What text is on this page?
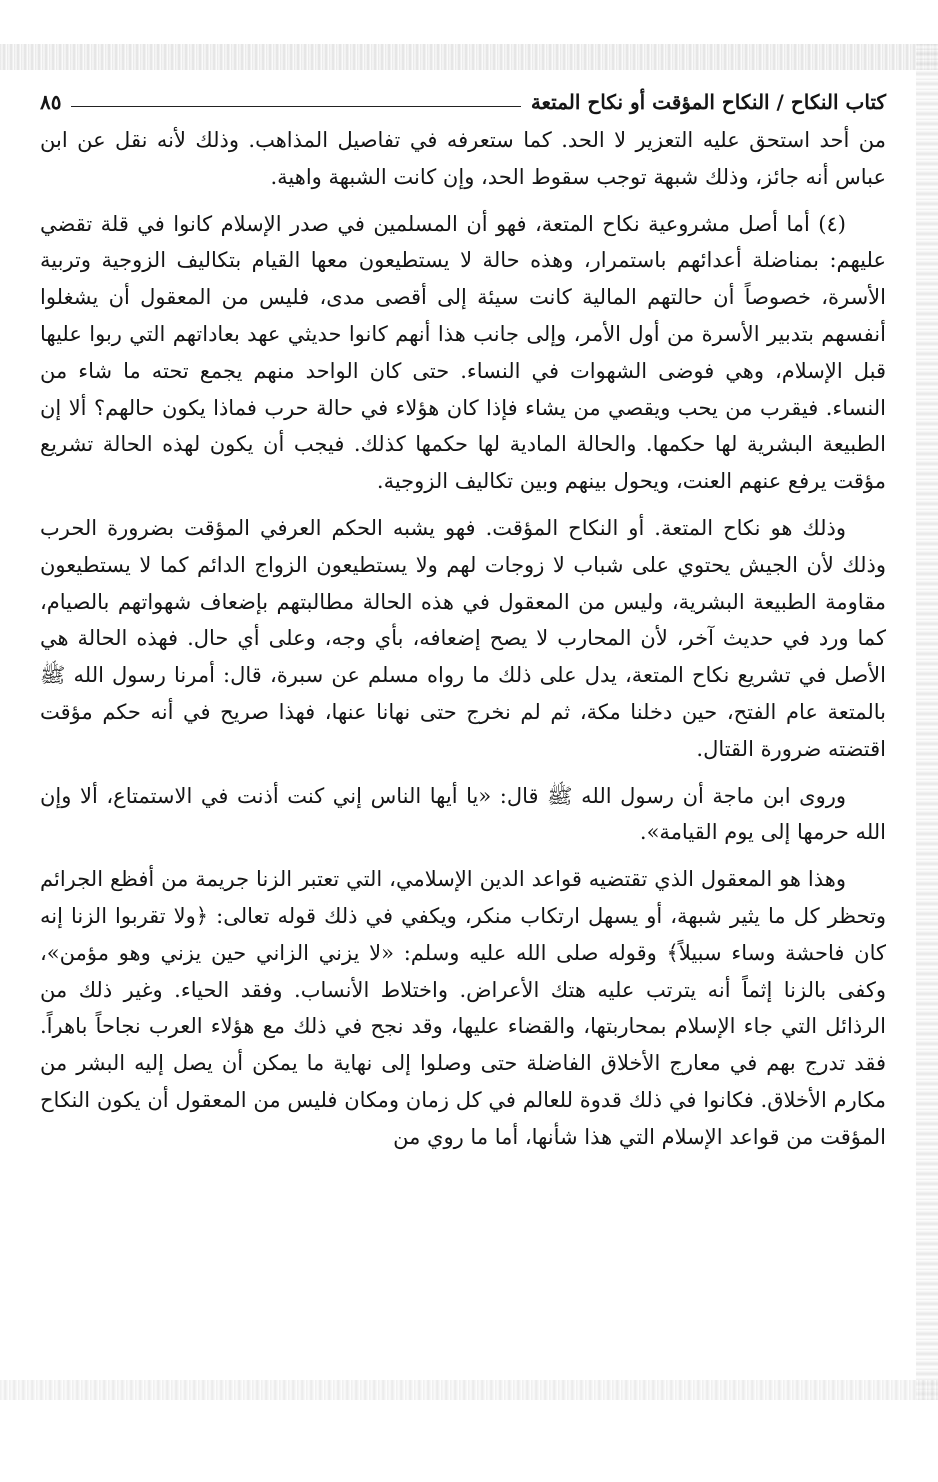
كتاب النكاح / النكاح المؤقت أو نكاح المتعة
٨٥

من أحد استحق عليه التعزير لا الحد. كما ستعرفه في تفاصيل المذاهب. وذلك لأنه نقل عن ابن عباس أنه جائز، وذلك شبهة توجب سقوط الحد، وإن كانت الشبهة واهية.

(٤) أما أصل مشروعية نكاح المتعة، فهو أن المسلمين في صدر الإسلام كانوا في قلة تقضي عليهم: بمناضلة أعدائهم باستمرار، وهذه حالة لا يستطيعون معها القيام بتكاليف الزوجية وتربية الأسرة، خصوصاً أن حالتهم المالية كانت سيئة إلى أقصى مدى، فليس من المعقول أن يشغلوا أنفسهم بتدبير الأسرة من أول الأمر، وإلى جانب هذا أنهم كانوا حديثي عهد بعاداتهم التي ربوا عليها قبل الإسلام، وهي فوضى الشهوات في النساء. حتى كان الواحد منهم يجمع تحته ما شاء من النساء. فيقرب من يحب ويقصي من يشاء فإذا كان هؤلاء في حالة حرب فماذا يكون حالهم؟ ألا إن الطبيعة البشرية لها حكمها. والحالة المادية لها حكمها كذلك. فيجب أن يكون لهذه الحالة تشريع مؤقت يرفع عنهم العنت، ويحول بينهم وبين تكاليف الزوجية.

وذلك هو نكاح المتعة. أو النكاح المؤقت. فهو يشبه الحكم العرفي المؤقت بضرورة الحرب وذلك لأن الجيش يحتوي على شباب لا زوجات لهم ولا يستطيعون الزواج الدائم كما لا يستطيعون مقاومة الطبيعة البشرية، وليس من المعقول في هذه الحالة مطالبتهم بإضعاف شهواتهم بالصيام، كما ورد في حديث آخر، لأن المحارب لا يصح إضعافه، بأي وجه، وعلى أي حال. فهذه الحالة هي الأصل في تشريع نكاح المتعة، يدل على ذلك ما رواه مسلم عن سبرة، قال: أمرنا رسول الله ﷺ بالمتعة عام الفتح، حين دخلنا مكة، ثم لم نخرج حتى نهانا عنها، فهذا صريح في أنه حكم مؤقت اقتضته ضرورة القتال.

وروى ابن ماجة أن رسول الله ﷺ قال: «يا أيها الناس إني كنت أذنت في الاستمتاع، ألا وإن الله حرمها إلى يوم القيامة».

وهذا هو المعقول الذي تقتضيه قواعد الدين الإسلامي، التي تعتبر الزنا جريمة من أفظع الجرائم وتحظر كل ما يثير شبهة، أو يسهل ارتكاب منكر، ويكفي في ذلك قوله تعالى: ﴿ولا تقربوا الزنا إنه كان فاحشة وساء سبيلاً﴾ وقوله صلى الله عليه وسلم: «لا يزني الزاني حين يزني وهو مؤمن»، وكفى بالزنا إثماً أنه يترتب عليه هتك الأعراض. واختلاط الأنساب. وفقد الحياء. وغير ذلك من الرذائل التي جاء الإسلام بمحاربتها، والقضاء عليها، وقد نجح في ذلك مع هؤلاء العرب نجاحاً باهراً. فقد تدرج بهم في معارج الأخلاق الفاضلة حتى وصلوا إلى نهاية ما يمكن أن يصل إليه البشر من مكارم الأخلاق. فكانوا في ذلك قدوة للعالم في كل زمان ومكان فليس من المعقول أن يكون النكاح المؤقت من قواعد الإسلام التي هذا شأنها، أما ما روي من
